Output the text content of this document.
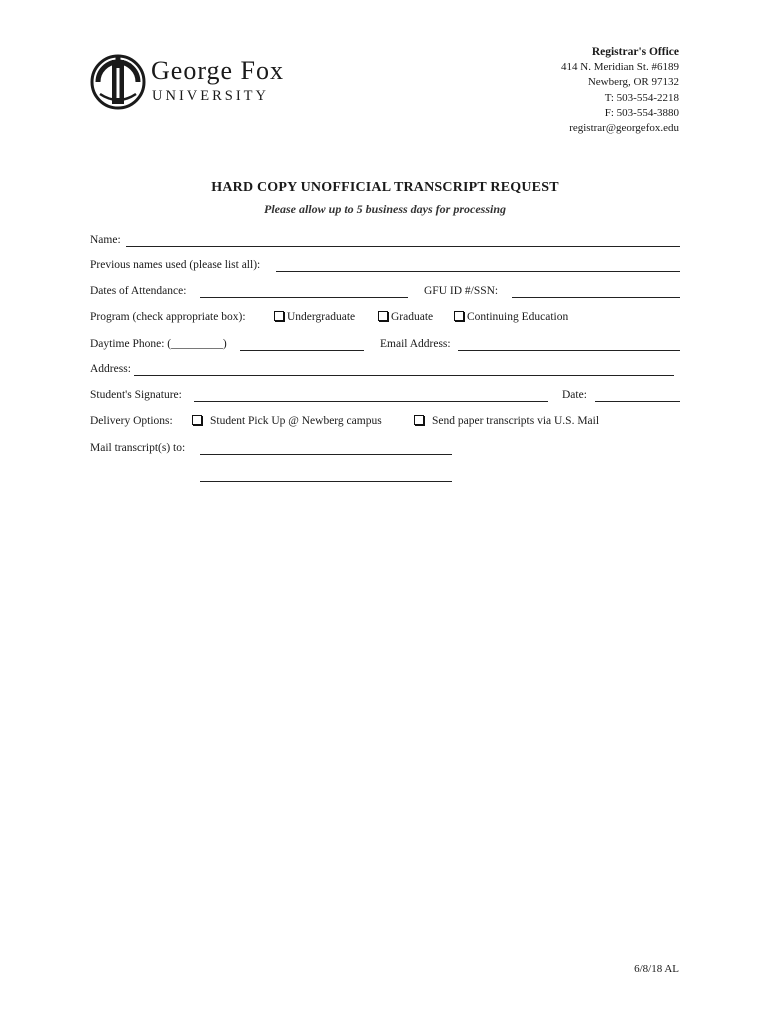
George Fox
UNIVERSITY
Registrar's Office
414 N. Meridian St. #6189
Newberg, OR 97132
T: 503-554-2218
F: 503-554-3880
registrar@georgefox.edu
HARD COPY UNOFFICIAL TRANSCRIPT REQUEST
Please allow up to 5 business days for processing
Name:
Previous names used (please list all):
Dates of Attendance:	GFU ID #/SSN:
Program (check appropriate box):	Undergraduate	Graduate	Continuing Education
Daytime Phone: (_________)	Email Address:
Address:
Student's Signature:	Date:
Delivery Options:	Student Pick Up @ Newberg campus	Send paper transcripts via U.S. Mail
Mail transcript(s) to:
6/8/18 AL
